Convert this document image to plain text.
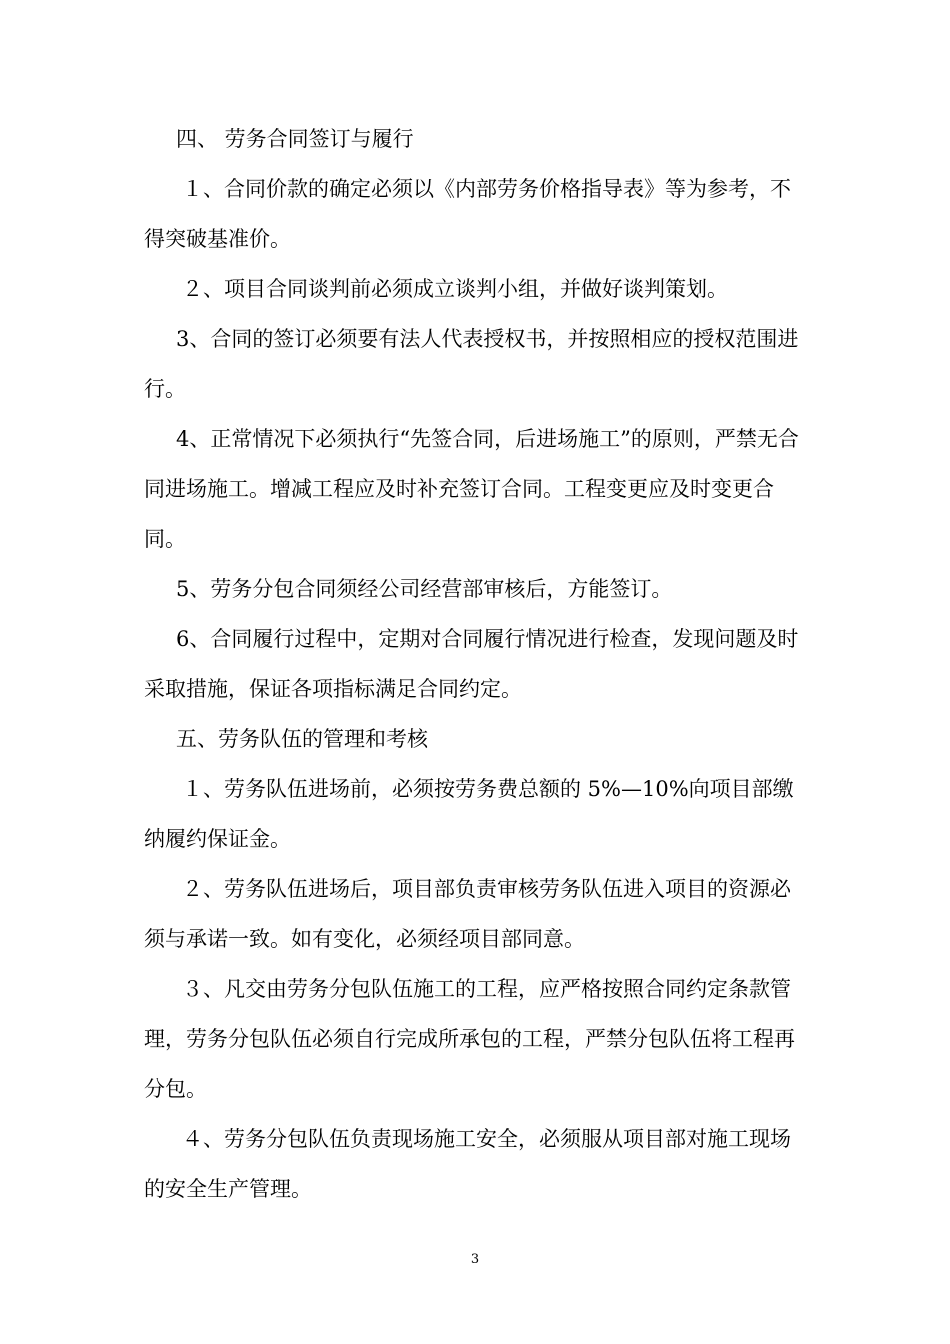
四、 劳务合同签订与履行

１、合同价款的确定必须以《内部劳务价格指导表》等为参考，不得突破基准价。

２、项目合同谈判前必须成立谈判小组，并做好谈判策划。

3、合同的签订必须要有法人代表授权书，并按照相应的授权范围进行。

4、正常情况下必须执行“先签合同，后进场施工”的原则，严禁无合同进场施工。增减工程应及时补充签订合同。工程变更应及时变更合同。

5、劳务分包合同须经公司经营部审核后，方能签订。

6、合同履行过程中，定期对合同履行情况进行检查，发现问题及时采取措施，保证各项指标满足合同约定。

五、劳务队伍的管理和考核

１、劳务队伍进场前，必须按劳务费总额的 5%—10%向项目部缴纳履约保证金。

２、劳务队伍进场后，项目部负责审核劳务队伍进入项目的资源必须与承诺一致。如有变化，必须经项目部同意。

３、凡交由劳务分包队伍施工的工程，应严格按照合同约定条款管理，劳务分包队伍必须自行完成所承包的工程，严禁分包队伍将工程再分包。

４、劳务分包队伍负责现场施工安全，必须服从项目部对施工现场的安全生产管理。

3
